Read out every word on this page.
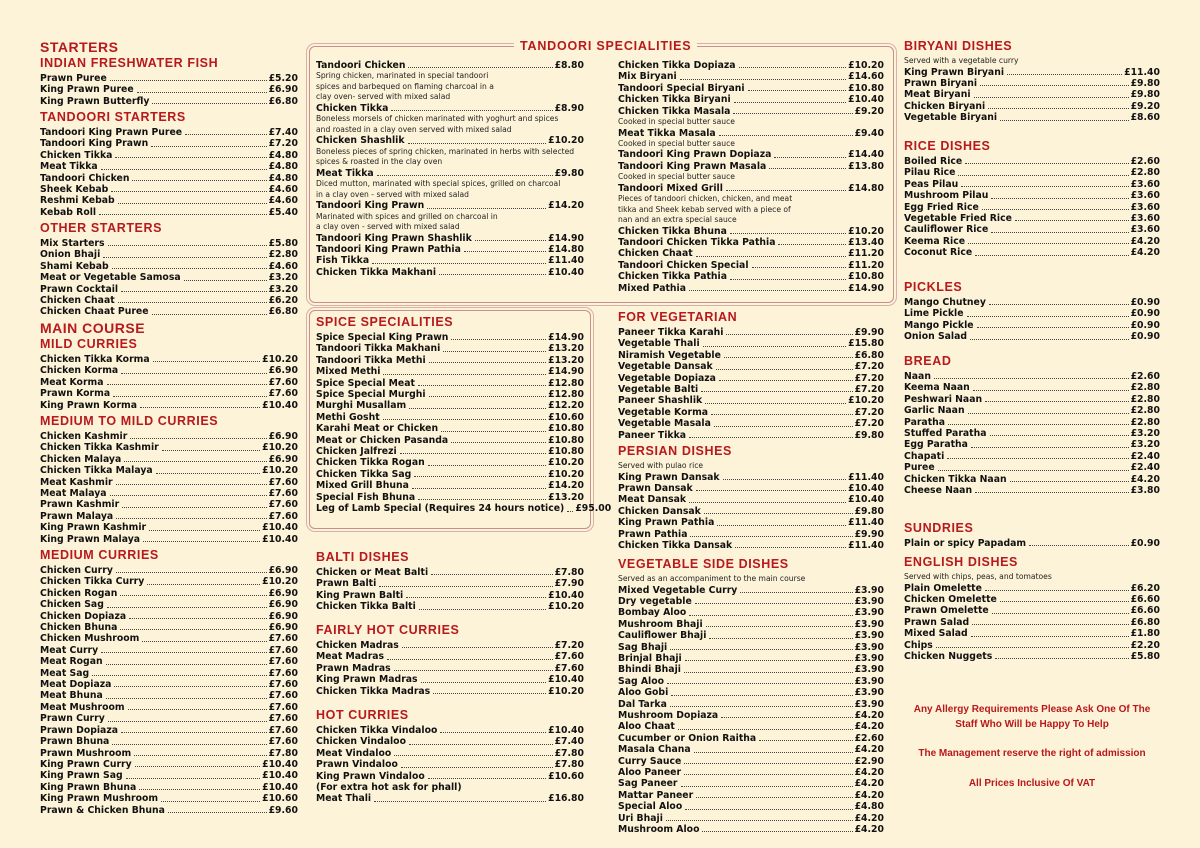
STARTERS
INDIAN FRESHWATER FISH
Prawn Puree	£5.20
King Prawn Puree	£6.90
King Prawn Butterfly	£6.80
TANDOORI STARTERS
Tandoori King Prawn Puree	£7.40
Tandoori King Prawn	£7.20
Chicken Tikka	£4.80
Meat Tikka	£4.80
Tandoori Chicken	£4.80
Sheek Kebab	£4.60
Reshmi Kebab	£4.60
Kebab Roll	£5.40
OTHER STARTERS
Mix Starters	£5.80
Onion Bhaji	£2.80
Shami Kebab	£4.60
Meat or Vegetable Samosa	£3.20
Prawn Cocktail	£3.20
Chicken Chaat	£6.20
Chicken Chaat Puree	£6.80
MAIN COURSE
MILD CURRIES
Chicken Tikka Korma	£10.20
Chicken Korma	£6.90
Meat Korma	£7.60
Prawn Korma	£7.60
King Prawn Korma	£10.40
MEDIUM TO MILD CURRIES
Chicken Kashmir	£6.90
Chicken Tikka Kashmir	£10.20
Chicken Malaya	£6.90
Chicken Tikka Malaya	£10.20
Meat Kashmir	£7.60
Meat Malaya	£7.60
Prawn Kashmir	£7.60
Prawn Malaya	£7.60
King Prawn Kashmir	£10.40
King Prawn Malaya	£10.40
MEDIUM CURRIES
Chicken Curry	£6.90
Chicken Tikka Curry	£10.20
Chicken Rogan	£6.90
Chicken Sag	£6.90
Chicken Dopiaza	£6.90
Chicken Bhuna	£6.90
Chicken Mushroom	£7.60
Meat Curry	£7.60
Meat Rogan	£7.60
Meat Sag	£7.60
Meat Dopiaza	£7.60
Meat Bhuna	£7.60
Meat Mushroom	£7.60
Prawn Curry	£7.60
Prawn Dopiaza	£7.60
Prawn Bhuna	£7.60
Prawn Mushroom	£7.80
King Prawn Curry	£10.40
King Prawn Sag	£10.40
King Prawn Bhuna	£10.40
King Prawn Mushroom	£10.60
Prawn & Chicken Bhuna	£9.60
TANDOORI SPECIALITIES
Tandoori Chicken	£8.80
Spring chicken, marinated in special tandoori
spices and barbequed on flaming charcoal in a
clay oven- served with mixed salad
Chicken Tikka	£8.90
Boneless morsels of chicken marinated with yoghurt and spices
and roasted in a clay oven served with mixed salad
Chicken Shashlik	£10.20
Boneless pieces of spring chicken, marinated in herbs with selected
spices & roasted in the clay oven
Meat Tikka	£9.80
Diced mutton, marinated with special spices, grilled on charcoal
in a clay oven - served with mixed salad
Tandoori King Prawn	£14.20
Marinated with spices and grilled on charcoal in
a clay oven - served with mixed salad
Tandoori King Prawn Shashlik	£14.90
Tandoori King Prawn Pathia	£14.80
Fish Tikka	£11.40
Chicken Tikka Makhani	£10.40
Chicken Tikka Dopiaza	£10.20
Mix Biryani	£14.60
Tandoori Special Biryani	£10.80
Chicken Tikka Biryani	£10.40
Chicken Tikka Masala	£9.20
Cooked in special butter sauce
Meat Tikka Masala	£9.40
Cooked in special butter sauce
Tandoori King Prawn Dopiaza	£14.40
Tandoori King Prawn Masala	£13.80
Cooked in special butter sauce
Tandoori Mixed Grill	£14.80
Pieces of tandoori chicken, chicken, and meat
tikka and Sheek kebab served with a piece of
nan and an extra special sauce
Chicken Tikka Bhuna	£10.20
Tandoori Chicken Tikka Pathia	£13.40
Chicken Chaat	£11.20
Tandoori Chicken Special	£11.20
Chicken Tikka Pathia	£10.80
Mixed Pathia	£14.90
SPICE SPECIALITIES
Spice Special King Prawn	£14.90
Tandoori Tikka Makhani	£13.20
Tandoori Tikka Methi	£13.20
Mixed Methi	£14.90
Spice Special Meat	£12.80
Spice Special Murghi	£12.80
Murghi Musallam	£12.20
Methi Gosht	£10.60
Karahi Meat or Chicken	£10.80
Meat or Chicken Pasanda	£10.80
Chicken Jalfrezi	£10.80
Chicken Tikka Rogan	£10.20
Chicken Tikka Sag	£10.20
Mixed Grill Bhuna	£14.20
Special Fish Bhuna	£13.20
Leg of Lamb Special (Requires 24 hours notice) £95.00
BALTI DISHES
Chicken or Meat Balti	£7.80
Prawn Balti	£7.90
King Prawn Balti	£10.40
Chicken Tikka Balti	£10.20
FAIRLY HOT CURRIES
Chicken Madras	£7.20
Meat Madras	£7.60
Prawn Madras	£7.60
King Prawn Madras	£10.40
Chicken Tikka Madras	£10.20
HOT CURRIES
Chicken Tikka Vindaloo	£10.40
Chicken Vindaloo	£7.40
Meat Vindaloo	£7.80
Prawn Vindaloo	£7.80
King Prawn Vindaloo	£10.60
(For extra hot ask for phall)
Meat Thali	£16.80
FOR VEGETARIAN
Paneer Tikka Karahi	£9.90
Vegetable Thali	£15.80
Niramish Vegetable	£6.80
Vegetable Dansak	£7.20
Vegetable Dopiaza	£7.20
Vegetable Balti	£7.20
Paneer Shashlik	£10.20
Vegetable Korma	£7.20
Vegetable Masala	£7.20
Paneer Tikka	£9.80
PERSIAN DISHES
Served with pulao rice
King Prawn Dansak	£11.40
Prawn Dansak	£10.40
Meat Dansak	£10.40
Chicken Dansak	£9.80
King Prawn Pathia	£11.40
Prawn Pathia	£9.90
Chicken Tikka Dansak	£11.40
VEGETABLE SIDE DISHES
Served as an accompaniment to the main course
Mixed Vegetable Curry	£3.90
Dry vegetable	£3.90
Bombay Aloo	£3.90
Mushroom Bhaji	£3.90
Cauliflower Bhaji	£3.90
Sag Bhaji	£3.90
Brinjal Bhaji	£3.90
Bhindi Bhaji	£3.90
Sag Aloo	£3.90
Aloo Gobi	£3.90
Dal Tarka	£3.90
Mushroom Dopiaza	£4.20
Aloo Chaat	£4.20
Cucumber or Onion Raitha	£2.60
Masala Chana	£4.20
Curry Sauce	£2.90
Aloo Paneer	£4.20
Sag Paneer	£4.20
Mattar Paneer	£4.20
Special Aloo	£4.80
Uri Bhaji	£4.20
Mushroom Aloo	£4.20
BIRYANI DISHES
Served with a vegetable curry
King Prawn Biryani	£11.40
Prawn Biryani	£9.80
Meat Biryani	£9.80
Chicken Biryani	£9.20
Vegetable Biryani	£8.60
RICE DISHES
Boiled Rice	£2.60
Pilau Rice	£2.80
Peas Pilau	£3.60
Mushroom Pilau	£3.60
Egg Fried Rice	£3.60
Vegetable Fried Rice	£3.60
Cauliflower Rice	£3.60
Keema Rice	£4.20
Coconut Rice	£4.20
PICKLES
Mango Chutney	£0.90
Lime Pickle	£0.90
Mango Pickle	£0.90
Onion Salad	£0.90
BREAD
Naan	£2.60
Keema Naan	£2.80
Peshwari Naan	£2.80
Garlic Naan	£2.80
Paratha	£2.80
Stuffed Paratha	£3.20
Egg Paratha	£3.20
Chapati	£2.40
Puree	£2.40
Chicken Tikka Naan	£4.20
Cheese Naan	£3.80
SUNDRIES
Plain or spicy Papadam	£0.90
ENGLISH DISHES
Served with chips, peas, and tomatoes
Plain Omelette	£6.20
Chicken Omelette	£6.60
Prawn Omelette	£6.60
Prawn Salad	£6.80
Mixed Salad	£1.80
Chips	£2.20
Chicken Nuggets	£5.80
Any Allergy Requirements Please Ask One Of The Staff Who Will be Happy To Help
The Management reserve the right of admission
All Prices Inclusive Of VAT
